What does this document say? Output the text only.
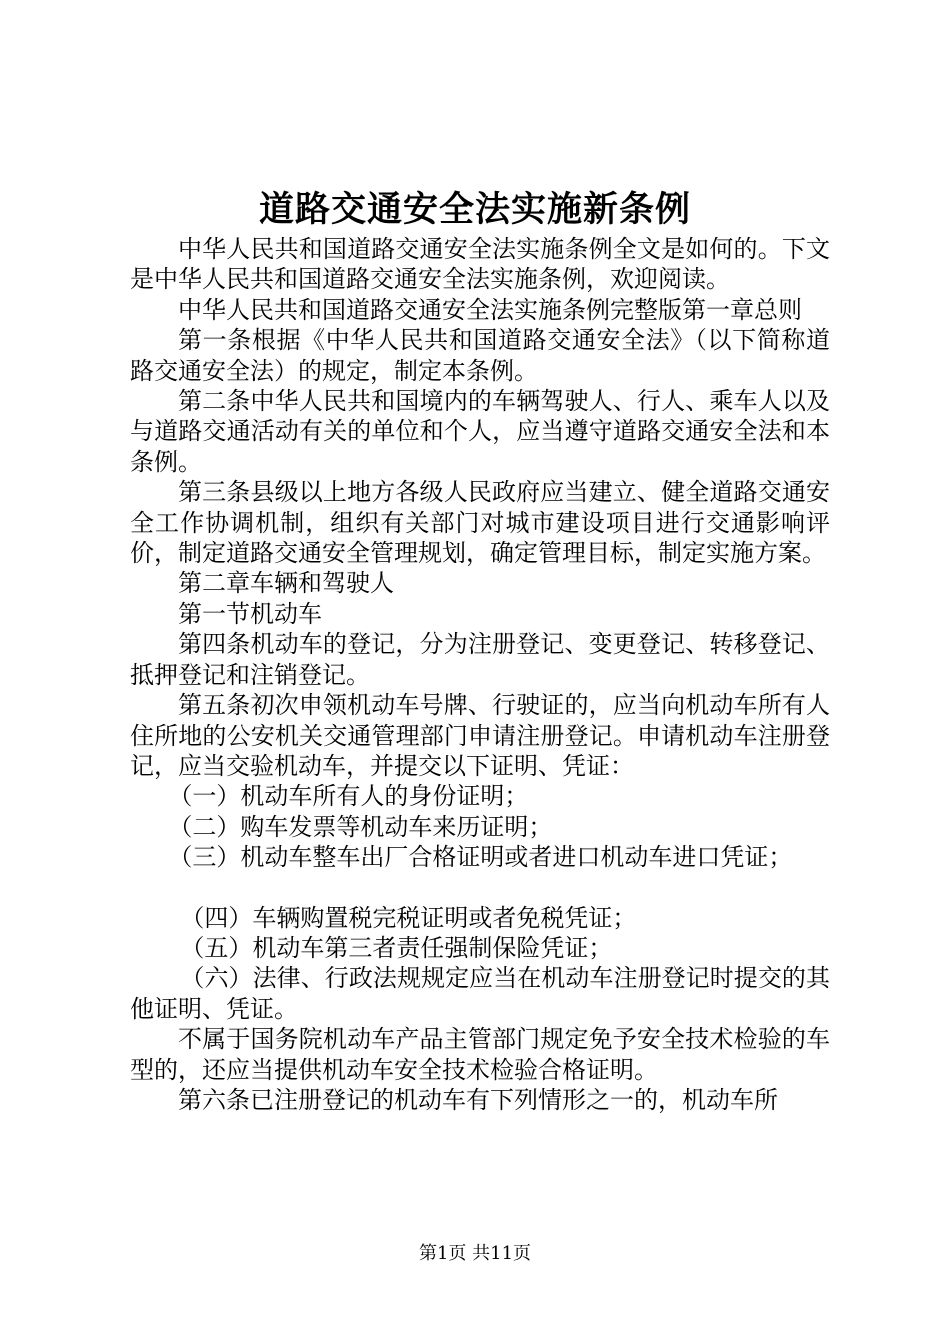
道路交通安全法实施新条例

中华人民共和国道路交通安全法实施条例全文是如何的。下文是中华人民共和国道路交通安全法实施条例，欢迎阅读。

中华人民共和国道路交通安全法实施条例完整版第一章总则

第一条根据《中华人民共和国道路交通安全法》（以下简称道路交通安全法）的规定，制定本条例。

第二条中华人民共和国境内的车辆驾驶人、行人、乘车人以及与道路交通活动有关的单位和个人，应当遵守道路交通安全法和本条例。

第三条县级以上地方各级人民政府应当建立、健全道路交通安全工作协调机制，组织有关部门对城市建设项目进行交通影响评价，制定道路交通安全管理规划，确定管理目标，制定实施方案。

第二章车辆和驾驶人

第一节机动车

第四条机动车的登记，分为注册登记、变更登记、转移登记、抵押登记和注销登记。

第五条初次申领机动车号牌、行驶证的，应当向机动车所有人住所地的公安机关交通管理部门申请注册登记。申请机动车注册登记，应当交验机动车，并提交以下证明、凭证：

（一）机动车所有人的身份证明；

（二）购车发票等机动车来历证明；

（三）机动车整车出厂合格证明或者进口机动车进口凭证；

（四）车辆购置税完税证明或者免税凭证；

（五）机动车第三者责任强制保险凭证；

（六）法律、行政法规规定应当在机动车注册登记时提交的其他证明、凭证。

不属于国务院机动车产品主管部门规定免予安全技术检验的车型的，还应当提供机动车安全技术检验合格证明。

第六条已注册登记的机动车有下列情形之一的，机动车所

第1页 共11页
